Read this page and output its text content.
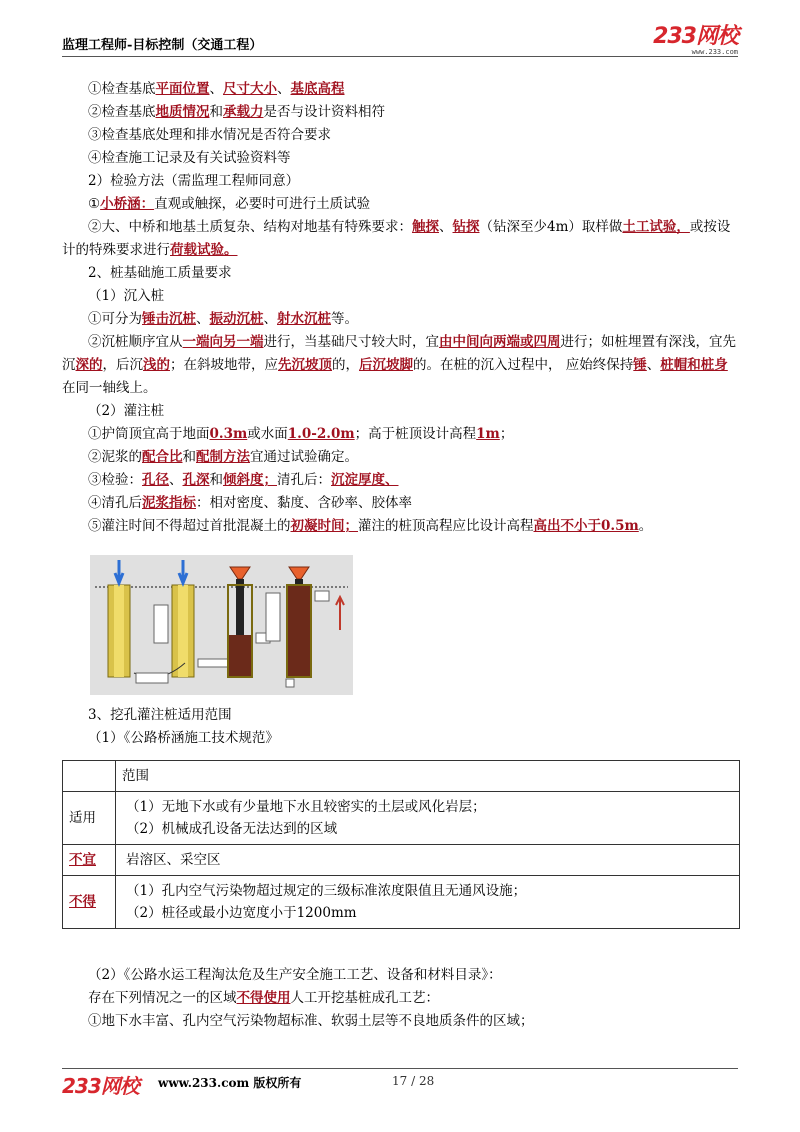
监理工程师-目标控制（交通工程）	233网校
www.233.com
①检查基底平面位置、尺寸大小、基底高程
②检查基底地质情况和承载力是否与设计资料相符
③检查基底处理和排水情况是否符合要求
④检查施工记录及有关试验资料等
2）检验方法（需监理工程师同意）
①小桥涵：直观或触探，必要时可进行土质试验
②大、中桥和地基土质复杂、结构对地基有特殊要求：触探、钻探（钻深至少4m）取样做土工试验，或按设计的特殊要求进行荷载试验。
2、桩基础施工质量要求
（1）沉入桩
①可分为锤击沉桩、振动沉桩、射水沉桩等。
②沉桩顺序宜从一端向另一端进行，当基础尺寸较大时，宜由中间向两端或四周进行；如桩埋置有深浅，宜先沉深的，后沉浅的；在斜坡地带，应先沉坡顶的，后沉坡脚的。在桩的沉入过程中， 应始终保持锤、桩帽和桩身在同一轴线上。
（2）灌注桩
①护筒顶宜高于地面0.3m或水面1.0-2.0m；高于桩顶设计高程1m；
②泥浆的配合比和配制方法宜通过试验确定。
③检验：孔径、孔深和倾斜度；清孔后：沉淀厚度、
④清孔后泥浆指标：相对密度、黏度、含砂率、胶体率
⑤灌注时间不得超过首批混凝土的初凝时间；灌注的桩顶高程应比设计高程高出不小于0.5m。
3、挖孔灌注桩适用范围
（1）《公路桥涵施工技术规范》
	范围
适用	（1）无地下水或有少量地下水且较密实的土层或风化岩层；
（2）机械成孔设备无法达到的区域

不宜	岩溶区、采空区

不得	（1）孔内空气污染物超过规定的三级标准浓度限值且无通风设施；
（2）桩径或最小边宽度小于1200mm
（2）《公路水运工程淘汰危及生产安全施工工艺、设备和材料目录》：
存在下列情况之一的区域不得使用人工开挖基桩成孔工艺：
①地下水丰富、孔内空气污染物超标准、软弱土层等不良地质条件的区域；
233网校 www.233.com 版权所有	17 / 28
